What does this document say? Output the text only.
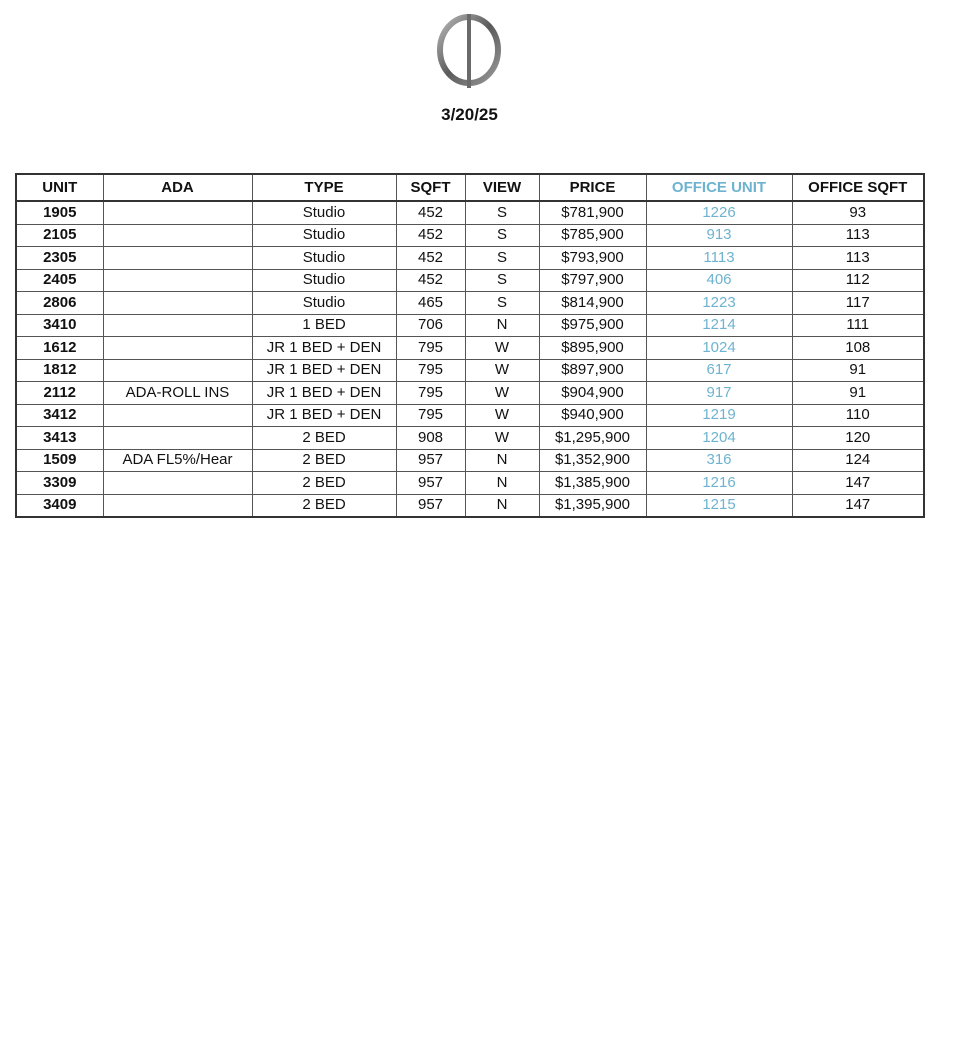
3/20/25
UNIT	ADA	TYPE	SQFT	VIEW	PRICE	OFFICE UNIT	OFFICE SQFT
1905		Studio	452	S	$781,900	1226	93
2105		Studio	452	S	$785,900	913	113
2305		Studio	452	S	$793,900	1113	113
2405		Studio	452	S	$797,900	406	112
2806		Studio	465	S	$814,900	1223	117
3410		1 BED	706	N	$975,900	1214	111
1612		JR 1 BED + DEN	795	W	$895,900	1024	108
1812		JR 1 BED + DEN	795	W	$897,900	617	91
2112	ADA-ROLL INS	JR 1 BED + DEN	795	W	$904,900	917	91
3412		JR 1 BED + DEN	795	W	$940,900	1219	110
3413		2 BED	908	W	$1,295,900	1204	120
1509	ADA FL5%/Hear	2 BED	957	N	$1,352,900	316	124
3309		2 BED	957	N	$1,385,900	1216	147
3409		2 BED	957	N	$1,395,900	1215	147
